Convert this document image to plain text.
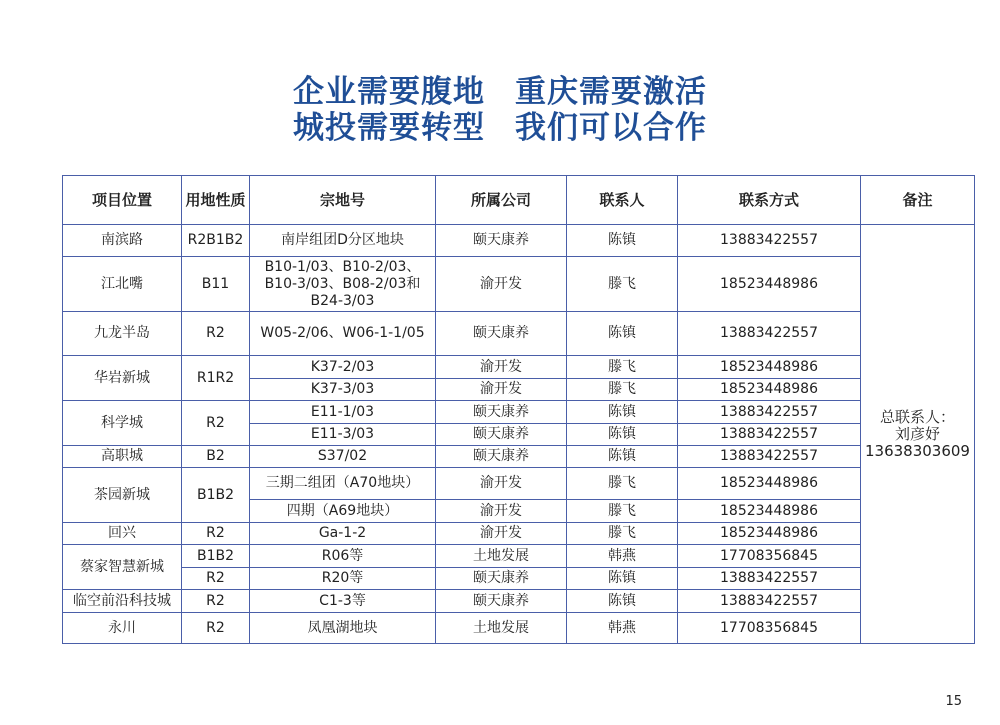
企业需要腹地 重庆需要激活
城投需要转型 我们可以合作
项目位置	用地性质	宗地号	所属公司	联系人	联系方式	备注
南滨路	R2B1B2	南岸组团D分区地块	颐天康养	陈镇	13883422557	总联系人：
刘彦妤
13638303609

江北嘴	B11	B10-1/03、B10-2/03、B10-3/03、B08-2/03和B24-3/03	渝开发	滕飞	18523448986	
九龙半岛	R2	W05-2/06、W06-1-1/05	颐天康养	陈镇	13883422557	
华岩新城	R1R2	K37-2/03	渝开发	滕飞	18523448986	
		K37-3/03	渝开发	滕飞	18523448986	
科学城	R2	E11-1/03	颐天康养	陈镇	13883422557	
		E11-3/03	颐天康养	陈镇	13883422557	
高职城	B2	S37/02	颐天康养	陈镇	13883422557	
茶园新城	B1B2	三期二组团（A70地块）	渝开发	滕飞	18523448986	
		四期（A69地块）	渝开发	滕飞	18523448986	
回兴	R2	Ga-1-2	渝开发	滕飞	18523448986	
蔡家智慧新城	B1B2	R06等	土地发展	韩燕	17708356845	
	R2	R20等	颐天康养	陈镇	13883422557	
临空前沿科技城	R2	C1-3等	颐天康养	陈镇	13883422557	
永川	R2	凤凰湖地块	土地发展	韩燕	17708356845	
15
